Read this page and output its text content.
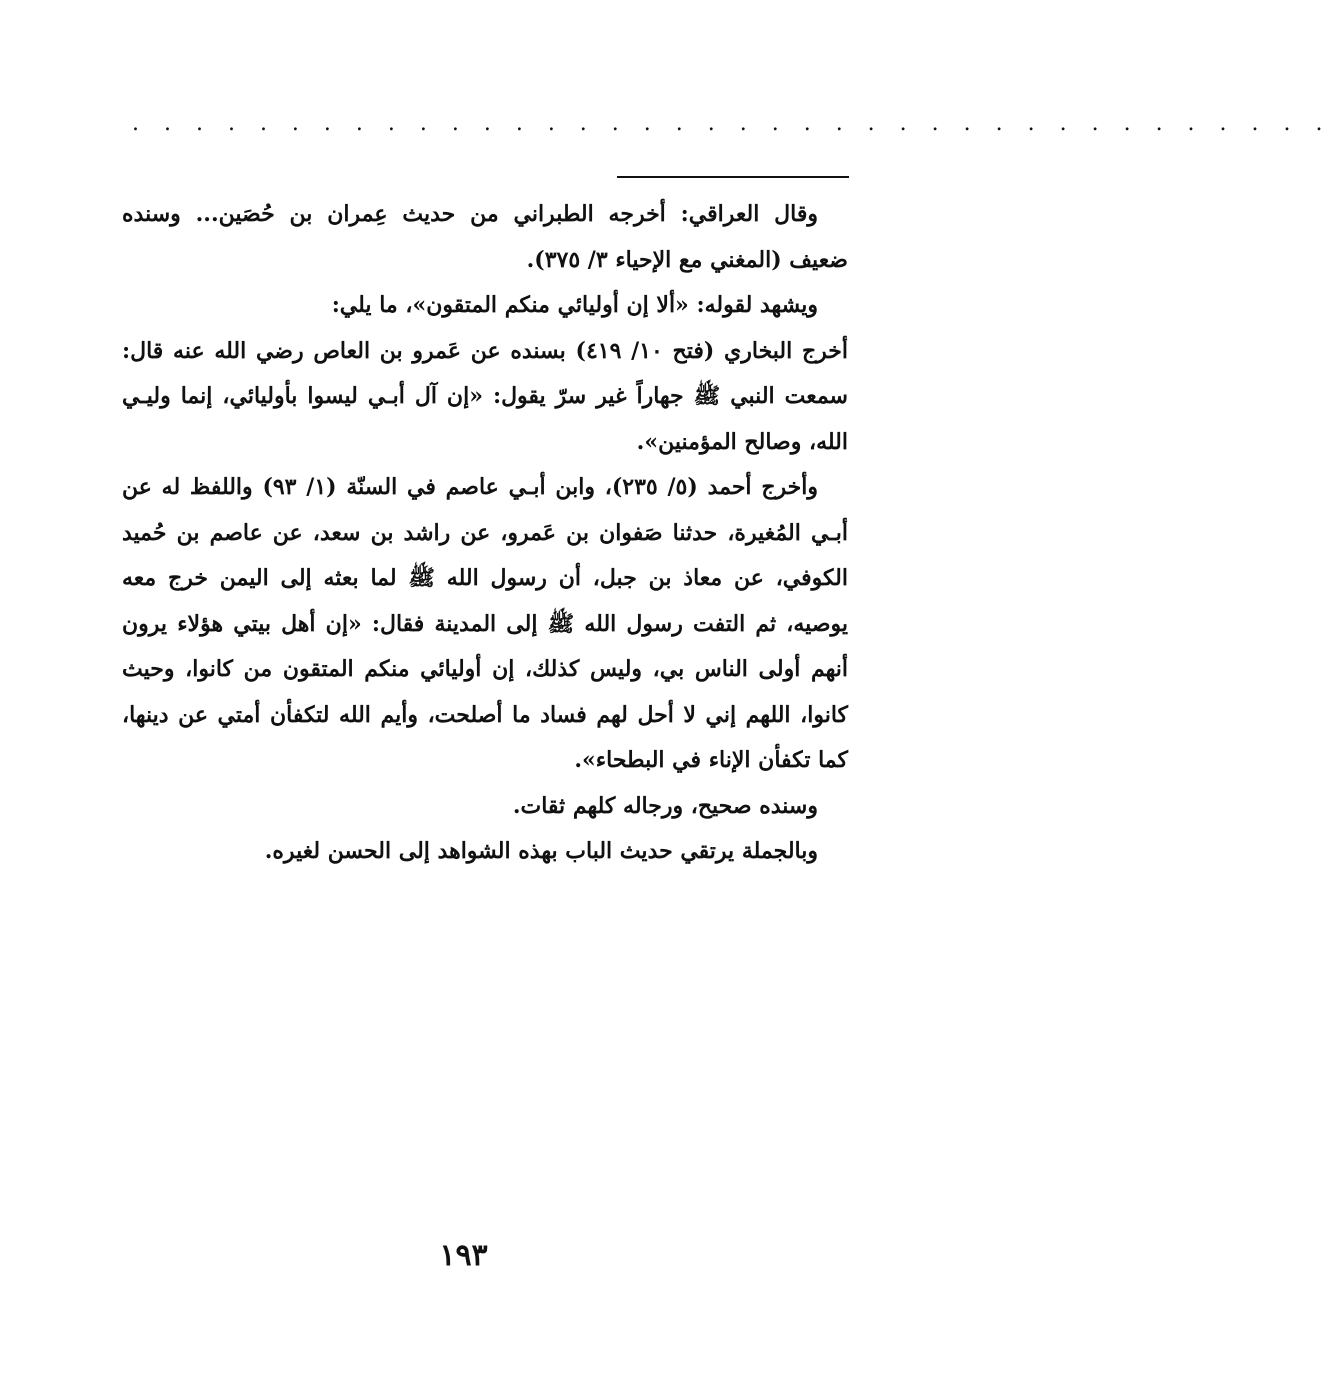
. . . . . . . . . . . . . . . . . . . . . . . . . . . . . . . . . . . . . .

وقال العراقي: أخرجه الطبراني من حديث عِمران بن حُصَين... وسنده ضعيف (المغني مع الإحياء ٣/ ٣٧٥).

ويشهد لقوله: «ألا إن أوليائي منكم المتقون»، ما يلي:

أخرج البخاري (فتح ١٠/ ٤١٩) بسنده عن عَمرو بن العاص رضي الله عنه قال: سمعت النبي ﷺ جهاراً غير سرّ يقول: «إن آل أبـي ليسوا بأوليائي، إنما وليـي الله، وصالح المؤمنين».

وأخرج أحمد (٥/ ٢٣٥)، وابن أبـي عاصم في السنّة (١/ ٩٣) واللفظ له عن أبـي المُغيرة، حدثنا صَفوان بن عَمرو، عن راشد بن سعد، عن عاصم بن حُميد الكوفي، عن معاذ بن جبل، أن رسول الله ﷺ لما بعثه إلى اليمن خرج معه يوصيه، ثم التفت رسول الله ﷺ إلى المدينة فقال: «إن أهل بيتي هؤلاء يرون أنهم أولى الناس بي، وليس كذلك، إن أوليائي منكم المتقون من كانوا، وحيث كانوا، اللهم إني لا أحل لهم فساد ما أصلحت، وأيم الله لتكفأن أمتي عن دينها، كما تكفأن الإناء في البطحاء».

وسنده صحيح، ورجاله كلهم ثقات.

وبالجملة يرتقي حديث الباب بهذه الشواهد إلى الحسن لغيره.

١٩٣
